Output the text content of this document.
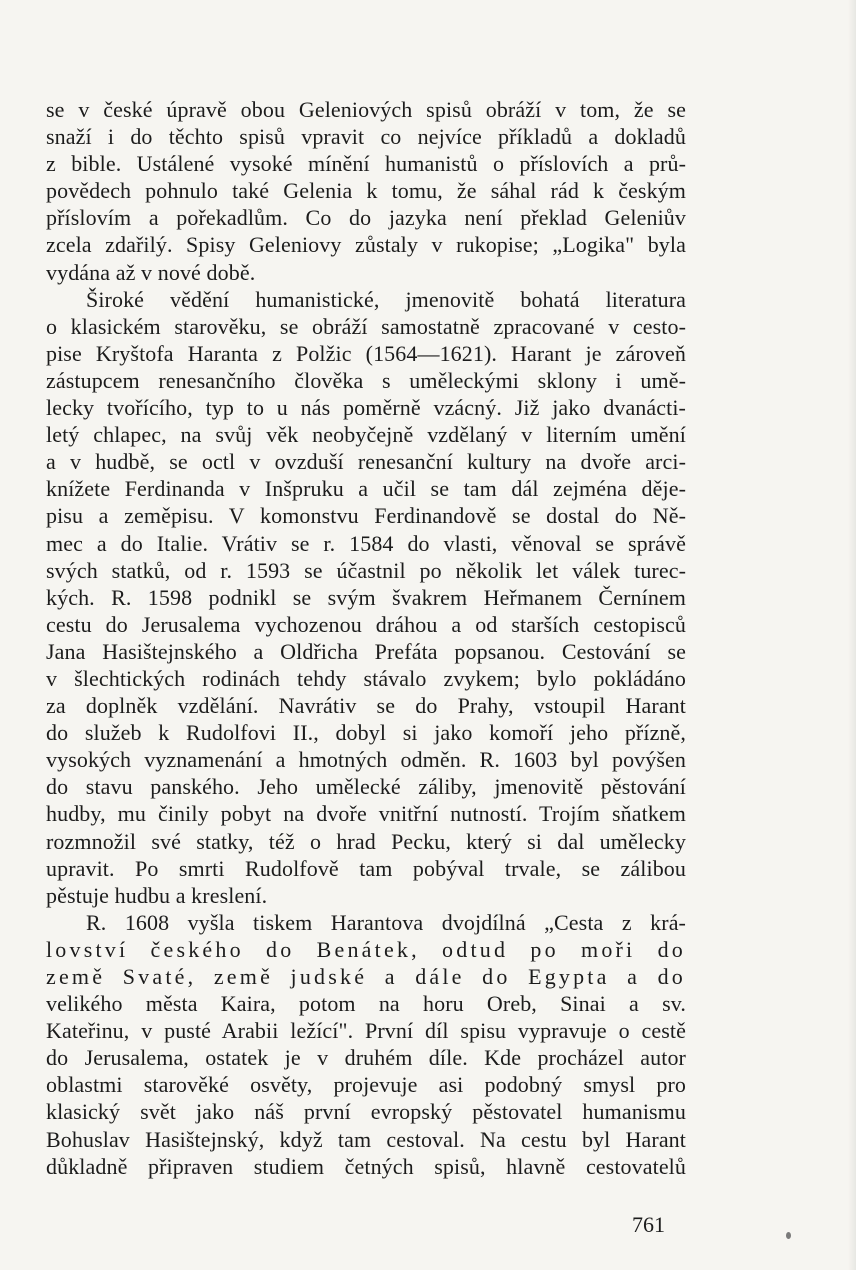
se v české úpravě obou Geleniových spisů obráží v tom, že se
snaží i do těchto spisů vpravit co nejvíce příkladů a dokladů
z bible. Ustálené vysoké mínění humanistů o příslovích a prů-
povědech pohnulo také Gelenia k tomu, že sáhal rád k českým
příslovím a pořekadlům. Co do jazyka není překlad Geleniův
zcela zdařilý. Spisy Geleniovy zůstaly v rukopise; „Logika" byla
vydána až v nové době.
Široké vědění humanistické, jmenovitě bohatá literatura
o klasickém starověku, se obráží samostatně zpracované v cesto-
pise Kryštofa Haranta z Polžic (1564—1621). Harant je zároveň
zástupcem renesančního člověka s uměleckými sklony i umě-
lecky tvořícího, typ to u nás poměrně vzácný. Již jako dvanácti-
letý chlapec, na svůj věk neobyčejně vzdělaný v literním umění
a v hudbě, se octl v ovzduší renesanční kultury na dvoře arci-
knížete Ferdinanda v Inšpruku a učil se tam dál zejména děje-
pisu a zeměpisu. V komonstvu Ferdinandově se dostal do Ně-
mec a do Italie. Vrátiv se r. 1584 do vlasti, věnoval se správě
svých statků, od r. 1593 se účastnil po několik let válek turec-
kých. R. 1598 podnikl se svým švakrem Heřmanem Černínem
cestu do Jerusalema vychozenou dráhou a od starších cestopisců
Jana Hasištejnského a Oldřicha Prefáta popsanou. Cestování se
v šlechtických rodinách tehdy stávalo zvykem; bylo pokládáno
za doplněk vzdělání. Navrátiv se do Prahy, vstoupil Harant
do služeb k Rudolfovi II., dobyl si jako komoří jeho přízně,
vysokých vyznamenání a hmotných odměn. R. 1603 byl povýšen
do stavu panského. Jeho umělecké záliby, jmenovitě pěstování
hudby, mu činily pobyt na dvoře vnitřní nutností. Trojím sňatkem
rozmnožil své statky, též o hrad Pecku, který si dal umělecky
upravit. Po smrti Rudolfově tam pobýval trvale, se zálibou
pěstuje hudbu a kreslení.
R. 1608 vyšla tiskem Harantova dvojdílná „Cesta z krá-
lovství českého do Benátek, odtud po moři do
země Svaté, země judské a dále do Egypta a do
velikého města Kaira, potom na horu Oreb, Sinai a sv.
Kateřinu, v pusté Arabii ležící". První díl spisu vypravuje o cestě
do Jerusalema, ostatek je v druhém díle. Kde procházel autor
oblastmi starověké osvěty, projevuje asi podobný smysl pro
klasický svět jako náš první evropský pěstovatel humanismu
Bohuslav Hasištejnský, když tam cestoval. Na cestu byl Harant
důkladně připraven studiem četných spisů, hlavně cestovatelů
761
